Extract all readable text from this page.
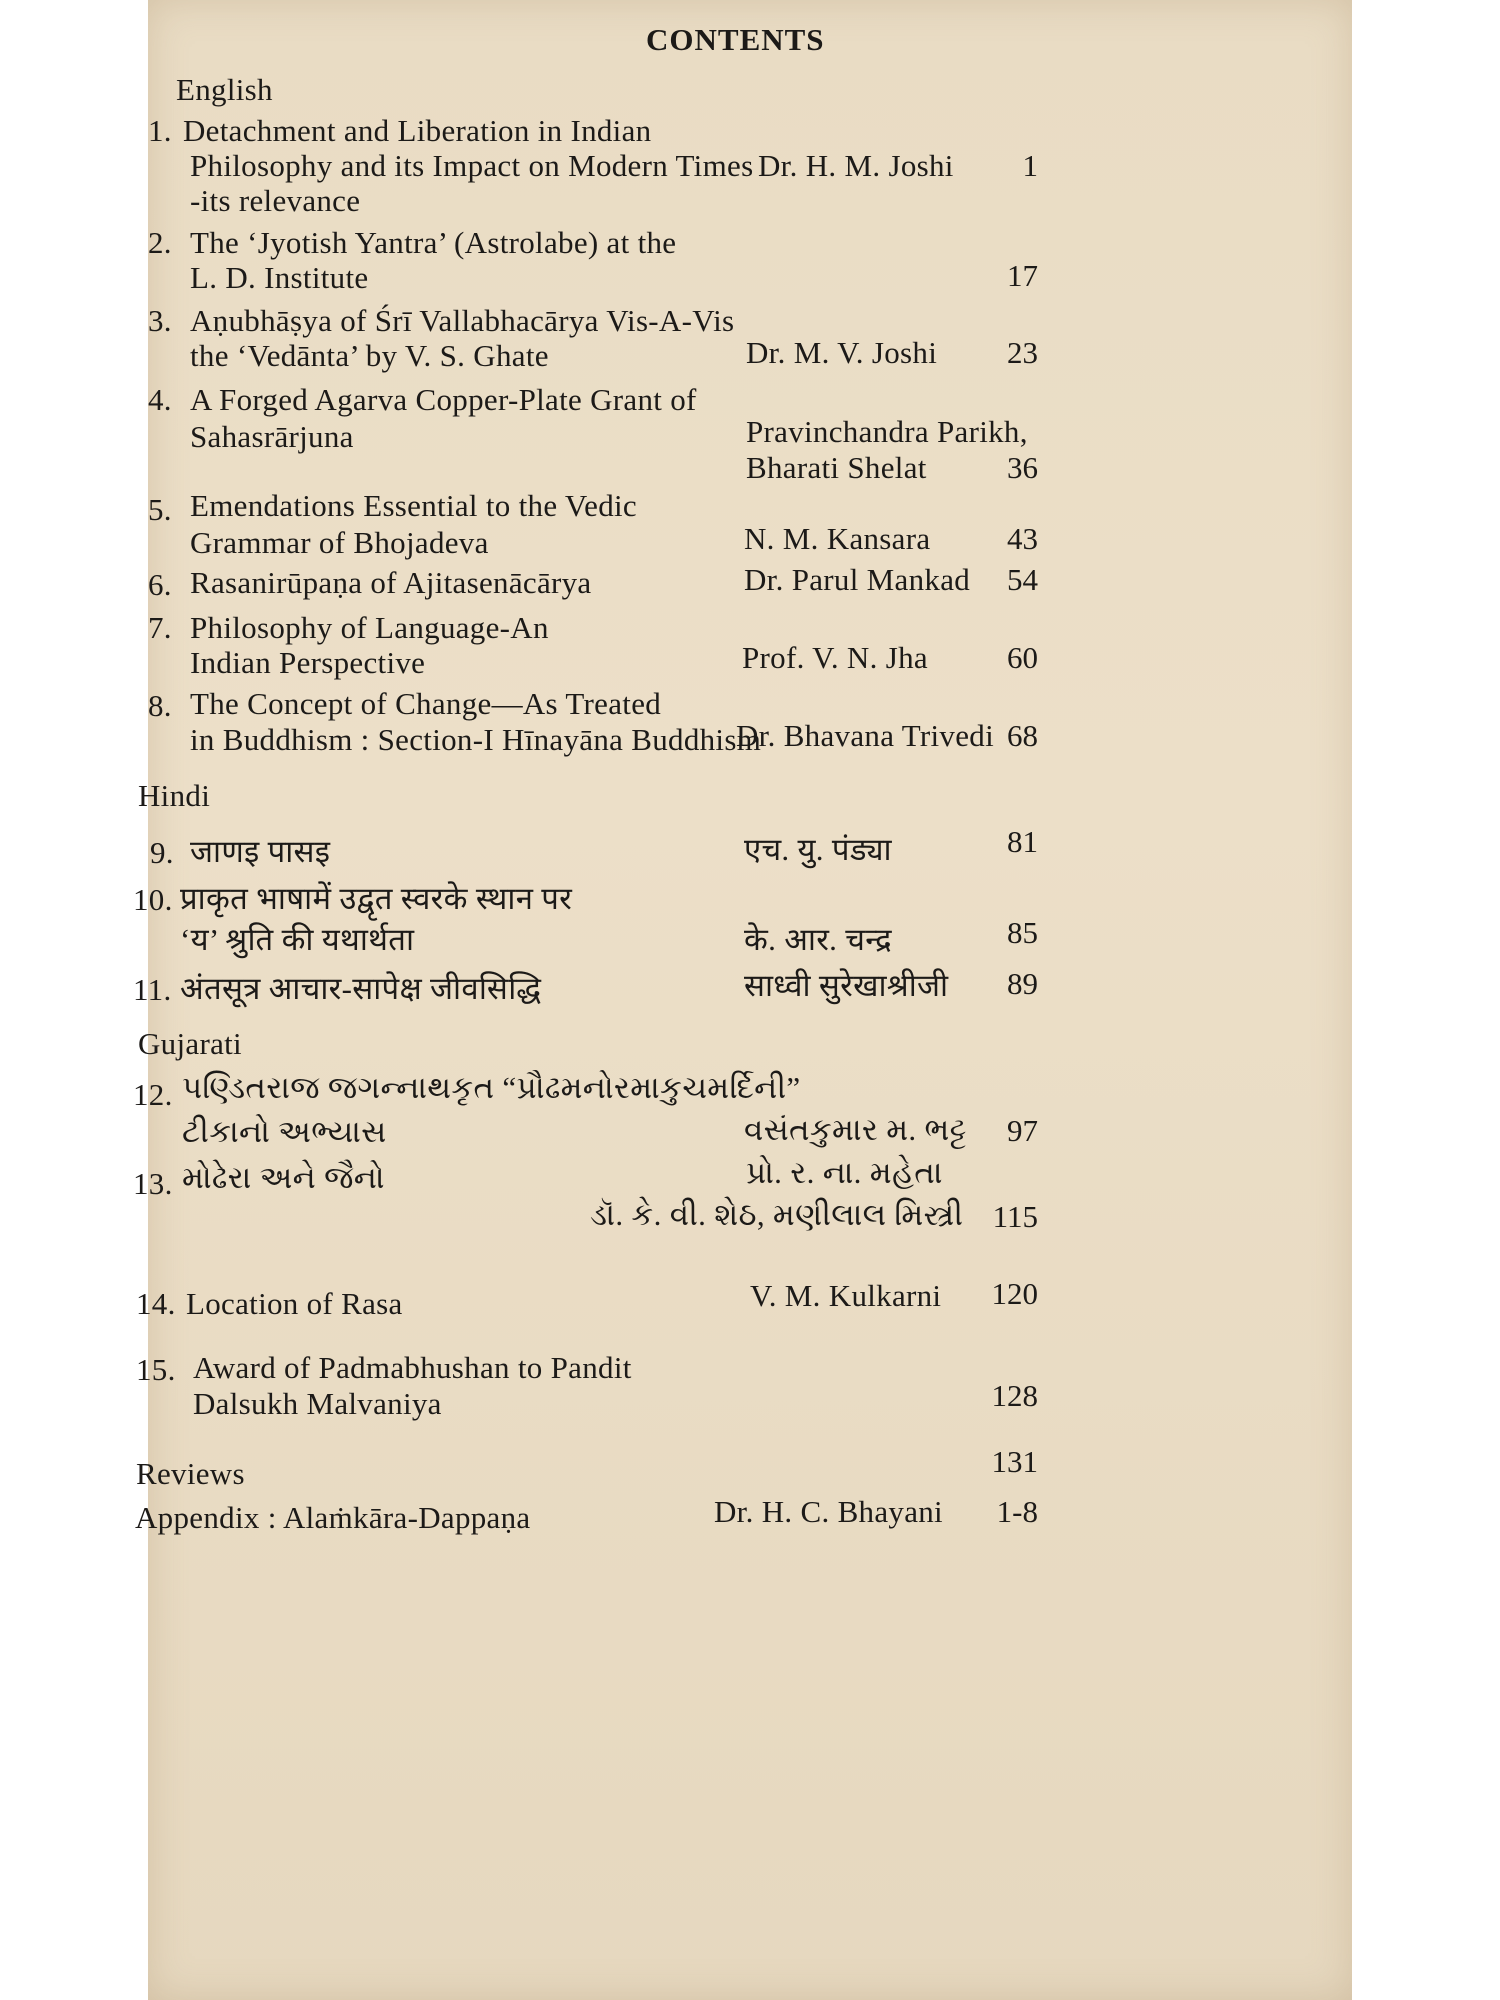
CONTENTS
English
1. Detachment and Liberation in Indian
Philosophy and its Impact on Modern Times
-its relevance
Dr. H. M. Joshi	1
2. The ‘Jyotish Yantra’ (Astrolabe) at the
L. D. Institute	17
3. Aṇubhāṣya of Śrī Vallabhacārya Vis-A-Vis
the ‘Vedānta’ by V. S. Ghate	Dr. M. V. Joshi	23
4. A Forged Agarva Copper-Plate Grant of
Sahasrārjuna	Pravinchandra Parikh,
Bharati Shelat	36
5. Emendations Essential to the Vedic
Grammar of Bhojadeva	N. M. Kansara	43
6. Rasanirūpaṇa of Ajitasenācārya	Dr. Parul Mankad	54
7. Philosophy of Language-An
Indian Perspective	Prof. V. N. Jha	60
8. The Concept of Change—As Treated
in Buddhism : Section-I Hīnayāna Buddhism
Dr. Bhavana Trivedi 68
Hindi
9. जाणइ पासइ	एच. यु. पंड्या	81
10. प्राकृत भाषामें उद्वृत स्वरके स्थान पर
‘य’ श्रुति की यथार्थता	के. आर. चन्द्र	85
11. अंतसूत्र आचार-सापेक्ष जीवसिद्धि	साध्वी सुरेखाश्रीजी	89
Gujarati
12. પણ્ડિતરાજ જગન્નાથકૃત “પ્રૌઢમનોરમાકુચમર્દિની”
ટીકાનો અભ્યાસ	વસંતકુમાર મ. ભટ્ટ	97
13. મોઢેરા અને જૈનો	પ્રો. ર. ના. મહેતા
ડૉ. કે. વી. શેઠ, મણીલાલ મિસ્ત્રી 115
14. Location of Rasa	V. M. Kulkarni	120
15. Award of Padmabhushan to Pandit
Dalsukh Malvaniya	128
Reviews	131
Appendix : Alaṁkāra-Dappaṇa	Dr. H. C. Bhayani	1-8
